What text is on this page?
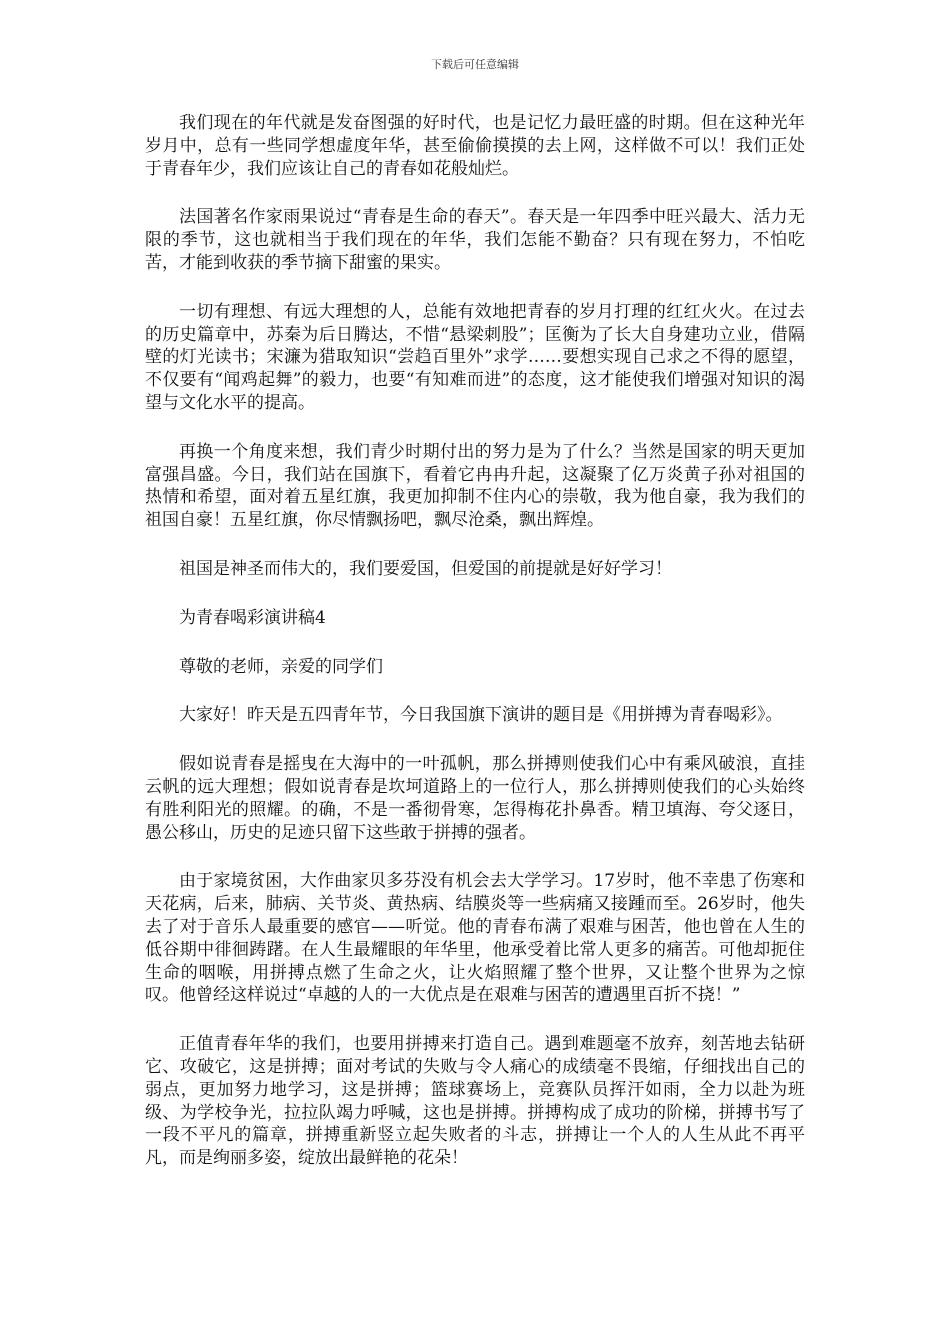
下载后可任意编辑

我们现在的年代就是发奋图强的好时代，也是记忆力最旺盛的时期。但在这种光年岁月中，总有一些同学想虚度年华，甚至偷偷摸摸的去上网，这样做不可以！我们正处于青春年少，我们应该让自己的青春如花般灿烂。

法国著名作家雨果说过“青春是生命的春天”。春天是一年四季中旺兴最大、活力无限的季节，这也就相当于我们现在的年华，我们怎能不勤奋？只有现在努力，不怕吃苦，才能到收获的季节摘下甜蜜的果实。

一切有理想、有远大理想的人，总能有效地把青春的岁月打理的红红火火。在过去的历史篇章中，苏秦为后日腾达，不惜“悬梁刺股”；匡衡为了长大自身建功立业，借隔壁的灯光读书；宋濂为猎取知识“尝趋百里外”求学……要想实现自己求之不得的愿望，不仅要有“闻鸡起舞”的毅力，也要“有知难而进”的态度，这才能使我们增强对知识的渴望与文化水平的提高。

再换一个角度来想，我们青少时期付出的努力是为了什么？当然是国家的明天更加富强昌盛。今日，我们站在国旗下，看着它冉冉升起，这凝聚了亿万炎黄子孙对祖国的热情和希望，面对着五星红旗，我更加抑制不住内心的崇敬，我为他自豪，我为我们的祖国自豪！五星红旗，你尽情飘扬吧，飘尽沧桑，飘出辉煌。

祖国是神圣而伟大的，我们要爱国，但爱国的前提就是好好学习！

为青春喝彩演讲稿4

尊敬的老师，亲爱的同学们

大家好！昨天是五四青年节，今日我国旗下演讲的题目是《用拼搏为青春喝彩》。

假如说青春是摇曳在大海中的一叶孤帆，那么拼搏则使我们心中有乘风破浪，直挂云帆的远大理想；假如说青春是坎坷道路上的一位行人，那么拼搏则使我们的心头始终有胜利阳光的照耀。的确，不是一番彻骨寒，怎得梅花扑鼻香。精卫填海、夸父逐日，愚公移山，历史的足迹只留下这些敢于拼搏的强者。

由于家境贫困，大作曲家贝多芬没有机会去大学学习。17岁时，他不幸患了伤寒和天花病，后来，肺病、关节炎、黄热病、结膜炎等一些病痛又接踵而至。26岁时，他失去了对于音乐人最重要的感官——听觉。他的青春布满了艰难与困苦，他也曾在人生的低谷期中徘徊踌躇。在人生最耀眼的年华里，他承受着比常人更多的痛苦。可他却扼住生命的咽喉，用拼搏点燃了生命之火，让火焰照耀了整个世界，又让整个世界为之惊叹。他曾经这样说过“卓越的人的一大优点是在艰难与困苦的遭遇里百折不挠！”

正值青春年华的我们，也要用拼搏来打造自己。遇到难题毫不放弃，刻苦地去钻研它、攻破它，这是拼搏；面对考试的失败与令人痛心的成绩毫不畏缩，仔细找出自己的弱点，更加努力地学习，这是拼搏；篮球赛场上，竞赛队员挥汗如雨，全力以赴为班级、为学校争光，拉拉队竭力呼喊，这也是拼搏。拼搏构成了成功的阶梯，拼搏书写了一段不平凡的篇章，拼搏重新竖立起失败者的斗志，拼搏让一个人的人生从此不再平凡，而是绚丽多姿，绽放出最鲜艳的花朵！
